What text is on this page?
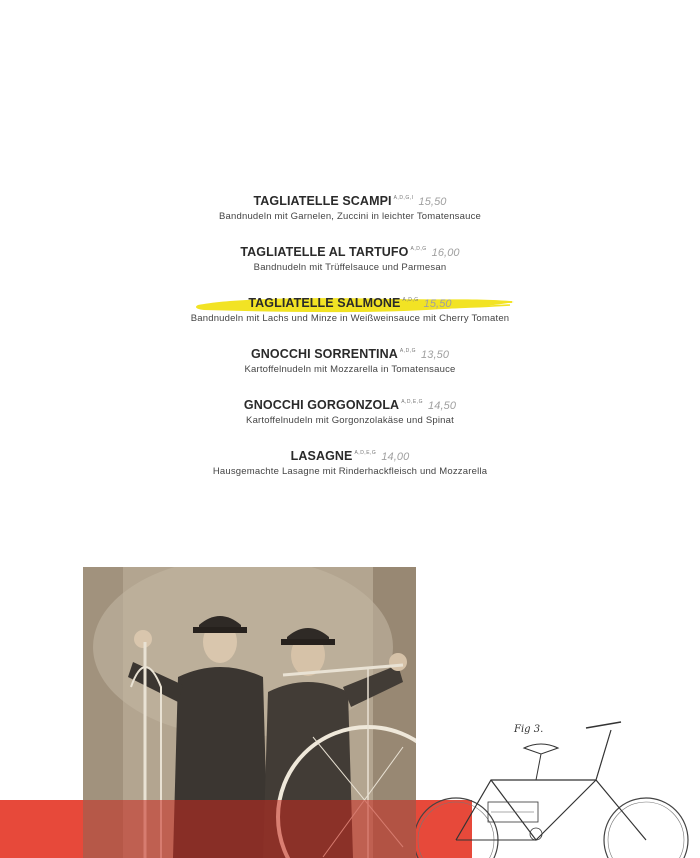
TAGLIATELLE SCAMPI $^{A,D,G,I}$ 15,50
Bandnudeln mit Garnelen, Zuccini in leichter Tomatensauce
TAGLIATELLE AL TARTUFO $^{A,D,G}$ 16,00
Bandnudeln mit Trüffelsauce und Parmesan
TAGLIATELLE SALMONE $^{A,D,G}$ 15,50
Bandnudeln mit Lachs und Minze in Weißweinsauce mit Cherry Tomaten
GNOCCHI SORRENTINA $^{A,D,G}$ 13,50
Kartoffelnudeln mit Mozzarella in Tomatensauce
GNOCCHI GORGONZOLA $^{A,D,E,G}$ 14,50
Kartoffelnudeln mit Gorgonzolakäse und Spinat
LASAGNE $^{A,D,E,G}$ 14,00
Hausgemachte Lasagne mit Rinderhackfleisch und Mozzarella
Fig 3.
